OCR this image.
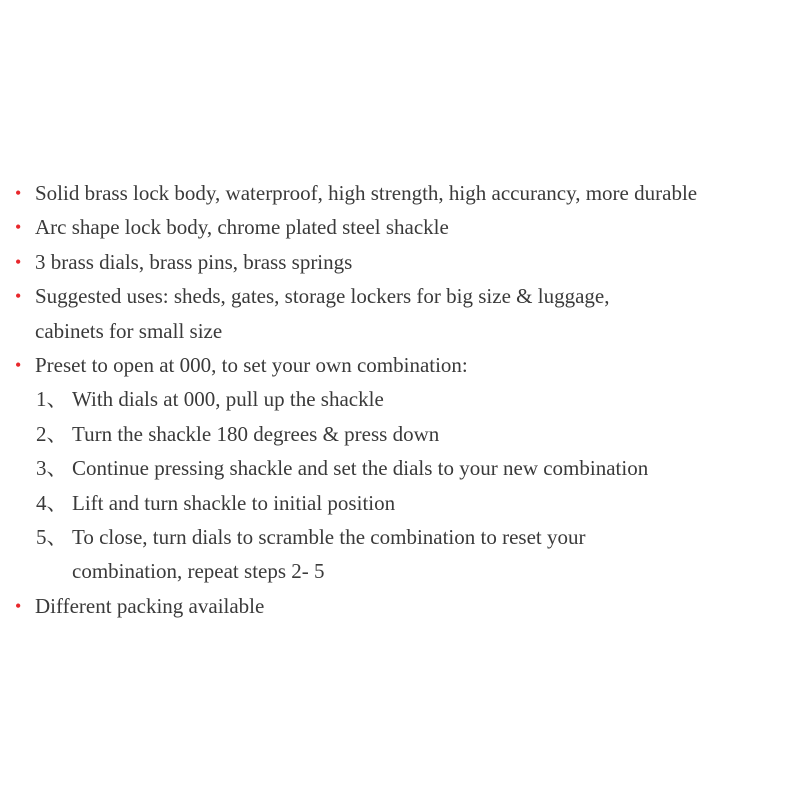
• Solid brass lock body, waterproof, high strength, high accurancy, more durable
• Arc shape lock body, chrome plated steel shackle
• 3 brass dials, brass pins, brass springs
• Suggested uses: sheds, gates, storage lockers for big size & luggage,
cabinets for small size
• Preset to open at 000, to set your own combination:
1、 With dials at 000, pull up the shackle
2、 Turn the shackle 180 degrees & press down
3、 Continue pressing shackle and set the dials to your new combination
4、 Lift and turn shackle to initial position
5、 To close, turn dials to scramble the combination to reset your
combination, repeat steps 2- 5
• Different packing available
